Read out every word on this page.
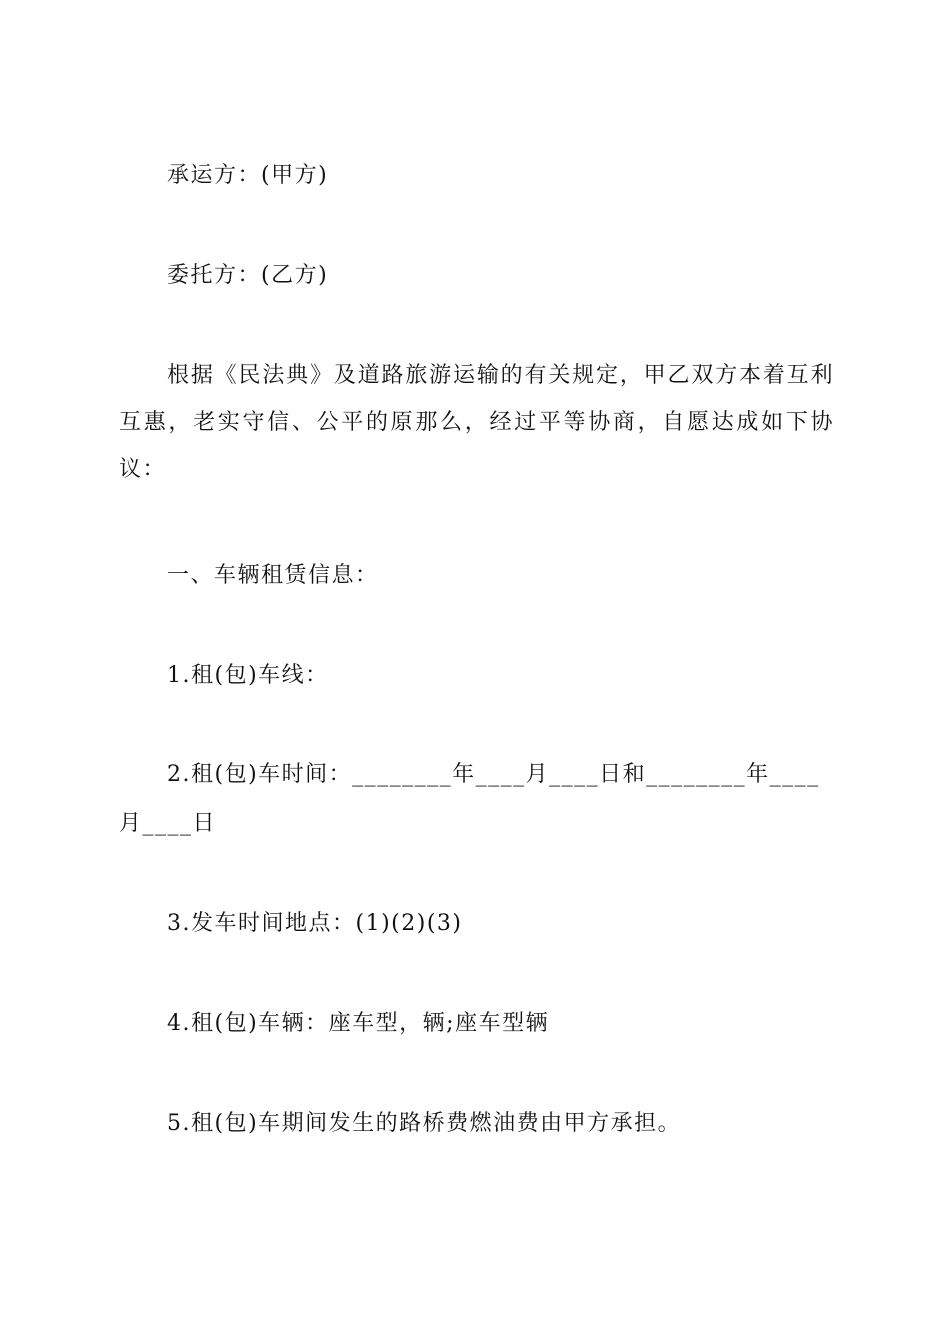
承运方：(甲方)
委托方：(乙方)
根据《民法典》及道路旅游运输的有关规定，甲乙双方本着互利互惠，老实守信、公平的原那么，经过平等协商，自愿达成如下协议：
一、车辆租赁信息：
1.租(包)车线：
2.租(包)车时间：________年____月____日和________年____
月____日
3.发车时间地点：(1)(2)(3)
4.租(包)车辆：座车型，辆;座车型辆
5.租(包)车期间发生的路桥费燃油费由甲方承担。
